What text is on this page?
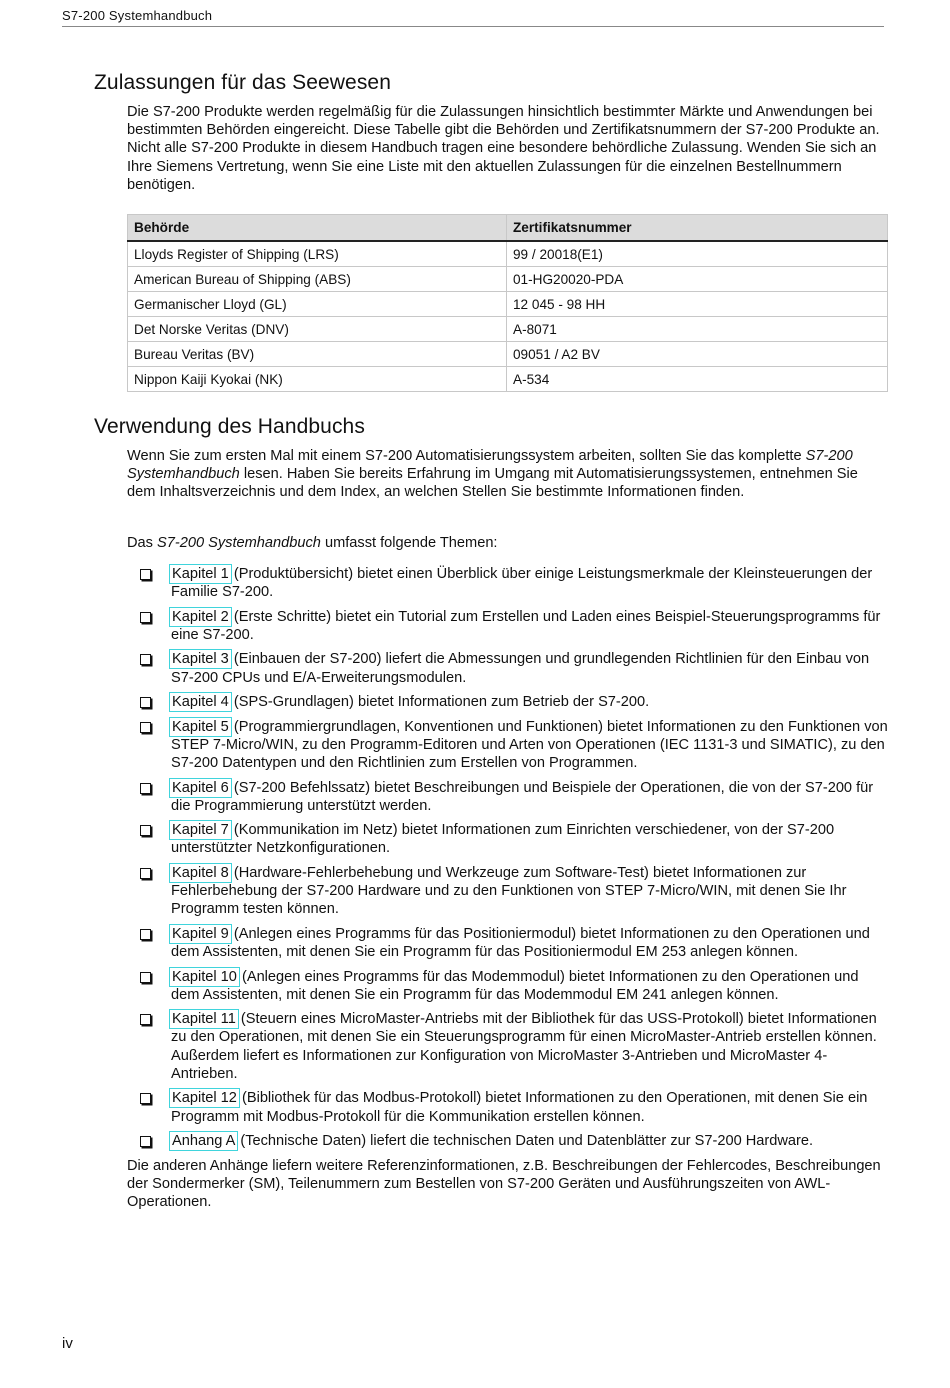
S7-200 Systemhandbuch
Zulassungen für das Seewesen

Die S7-200 Produkte werden regelmäßig für die Zulassungen hinsichtlich bestimmter Märkte und Anwendungen bei bestimmten Behörden eingereicht. Diese Tabelle gibt die Behörden und Zertifikatsnummern der S7-200 Produkte an. Nicht alle S7-200 Produkte in diesem Handbuch tragen eine besondere behördliche Zulassung. Wenden Sie sich an Ihre Siemens Vertretung, wenn Sie eine Liste mit den aktuellen Zulassungen für die einzelnen Bestellnummern benötigen.

Behörde	Zertifikatsnummer
Lloyds Register of Shipping (LRS)	99 / 20018(E1)
American Bureau of Shipping (ABS)	01-HG20020-PDA
Germanischer Lloyd (GL)	12 045 - 98 HH
Det Norske Veritas (DNV)	A-8071
Bureau Veritas (BV)	09051 / A2 BV
Nippon Kaiji Kyokai (NK)	A-534
Verwendung des Handbuchs

Wenn Sie zum ersten Mal mit einem S7-200 Automatisierungssystem arbeiten, sollten Sie das komplette S7-200 Systemhandbuch lesen. Haben Sie bereits Erfahrung im Umgang mit Automatisierungssystemen, entnehmen Sie dem Inhaltsverzeichnis und dem Index, an welchen Stellen Sie bestimmte Informationen finden.

Das S7-200 Systemhandbuch umfasst folgende Themen:

Kapitel 1 (Produktübersicht) bietet einen Überblick über einige Leistungsmerkmale der Kleinsteuerungen der Familie S7-200.
Kapitel 2 (Erste Schritte) bietet ein Tutorial zum Erstellen und Laden eines Beispiel-Steuerungsprogramms für eine S7-200.
Kapitel 3 (Einbauen der S7-200) liefert die Abmessungen und grundlegenden Richtlinien für den Einbau von S7-200 CPUs und E/A-Erweiterungsmodulen.
Kapitel 4 (SPS-Grundlagen) bietet Informationen zum Betrieb der S7-200.
Kapitel 5 (Programmiergrundlagen, Konventionen und Funktionen) bietet Informationen zu den Funktionen von STEP 7-Micro/WIN, zu den Programm-Editoren und Arten von Operationen (IEC 1131-3 und SIMATIC), zu den S7-200 Datentypen und den Richtlinien zum Erstellen von Programmen.
Kapitel 6 (S7-200 Befehlssatz) bietet Beschreibungen und Beispiele der Operationen, die von der S7-200 für die Programmierung unterstützt werden.
Kapitel 7 (Kommunikation im Netz) bietet Informationen zum Einrichten verschiedener, von der S7-200 unterstützter Netzkonfigurationen.
Kapitel 8 (Hardware-Fehlerbehebung und Werkzeuge zum Software-Test) bietet Informationen zur Fehlerbehebung der S7-200 Hardware und zu den Funktionen von STEP 7-Micro/WIN, mit denen Sie Ihr Programm testen können.
Kapitel 9 (Anlegen eines Programms für das Positioniermodul) bietet Informationen zu den Operationen und dem Assistenten, mit denen Sie ein Programm für das Positioniermodul EM 253 anlegen können.
Kapitel 10 (Anlegen eines Programms für das Modemmodul) bietet Informationen zu den Operationen und dem Assistenten, mit denen Sie ein Programm für das Modemmodul EM 241 anlegen können.
Kapitel 11 (Steuern eines MicroMaster-Antriebs mit der Bibliothek für das USS-Protokoll) bietet Informationen zu den Operationen, mit denen Sie ein Steuerungsprogramm für einen MicroMaster-Antrieb erstellen können. Außerdem liefert es Informationen zur Konfiguration von MicroMaster 3-Antrieben und MicroMaster 4-Antrieben.
Kapitel 12 (Bibliothek für das Modbus-Protokoll) bietet Informationen zu den Operationen, mit denen Sie ein Programm mit Modbus-Protokoll für die Kommunikation erstellen können.
Anhang A (Technische Daten) liefert die technischen Daten und Datenblätter zur S7-200 Hardware.

Die anderen Anhänge liefern weitere Referenzinformationen, z.B. Beschreibungen der Fehlercodes, Beschreibungen der Sondermerker (SM), Teilenummern zum Bestellen von S7-200 Geräten und Ausführungszeiten von AWL-Operationen.

iv
